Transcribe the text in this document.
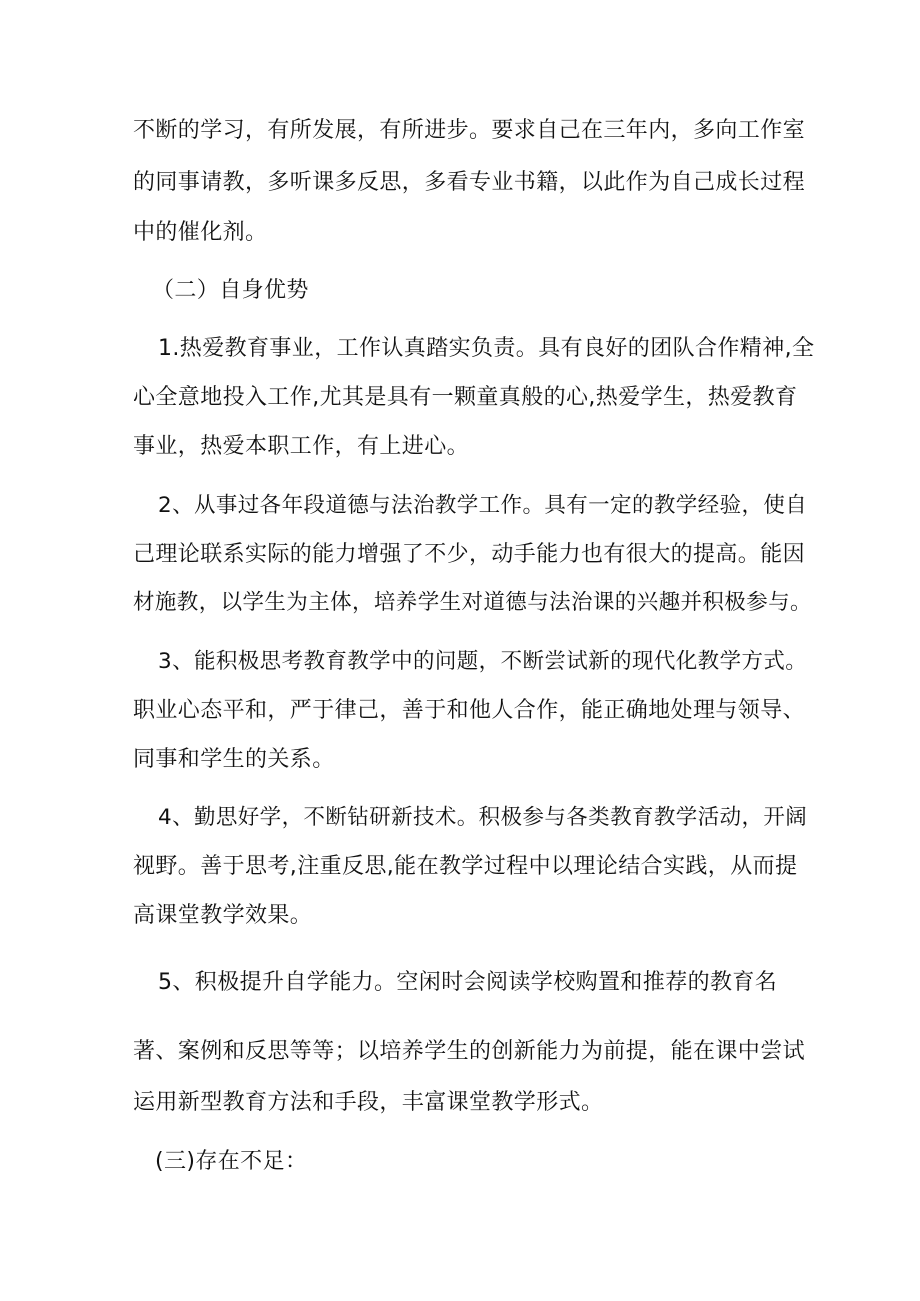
不断的学习，有所发展，有所进步。要求自己在三年内，多向工作室
的同事请教，多听课多反思，多看专业书籍，以此作为自己成长过程
中的催化剂。
（二）自身优势
1.热爱教育事业，工作认真踏实负责。具有良好的团队合作精神,全
心全意地投入工作,尤其是具有一颗童真般的心,热爱学生，热爱教育
事业，热爱本职工作，有上进心。
2、从事过各年段道德与法治教学工作。具有一定的教学经验，使自
己理论联系实际的能力增强了不少，动手能力也有很大的提高。能因
材施教，以学生为主体，培养学生对道德与法治课的兴趣并积极参与。
3、能积极思考教育教学中的问题，不断尝试新的现代化教学方式。
职业心态平和，严于律己，善于和他人合作，能正确地处理与领导、
同事和学生的关系。
4、勤思好学，不断钻研新技术。积极参与各类教育教学活动，开阔
视野。善于思考,注重反思,能在教学过程中以理论结合实践，从而提
高课堂教学效果。
5、积极提升自学能力。空闲时会阅读学校购置和推荐的教育名
著、案例和反思等等；以培养学生的创新能力为前提，能在课中尝试
运用新型教育方法和手段，丰富课堂教学形式。
(三)存在不足：
